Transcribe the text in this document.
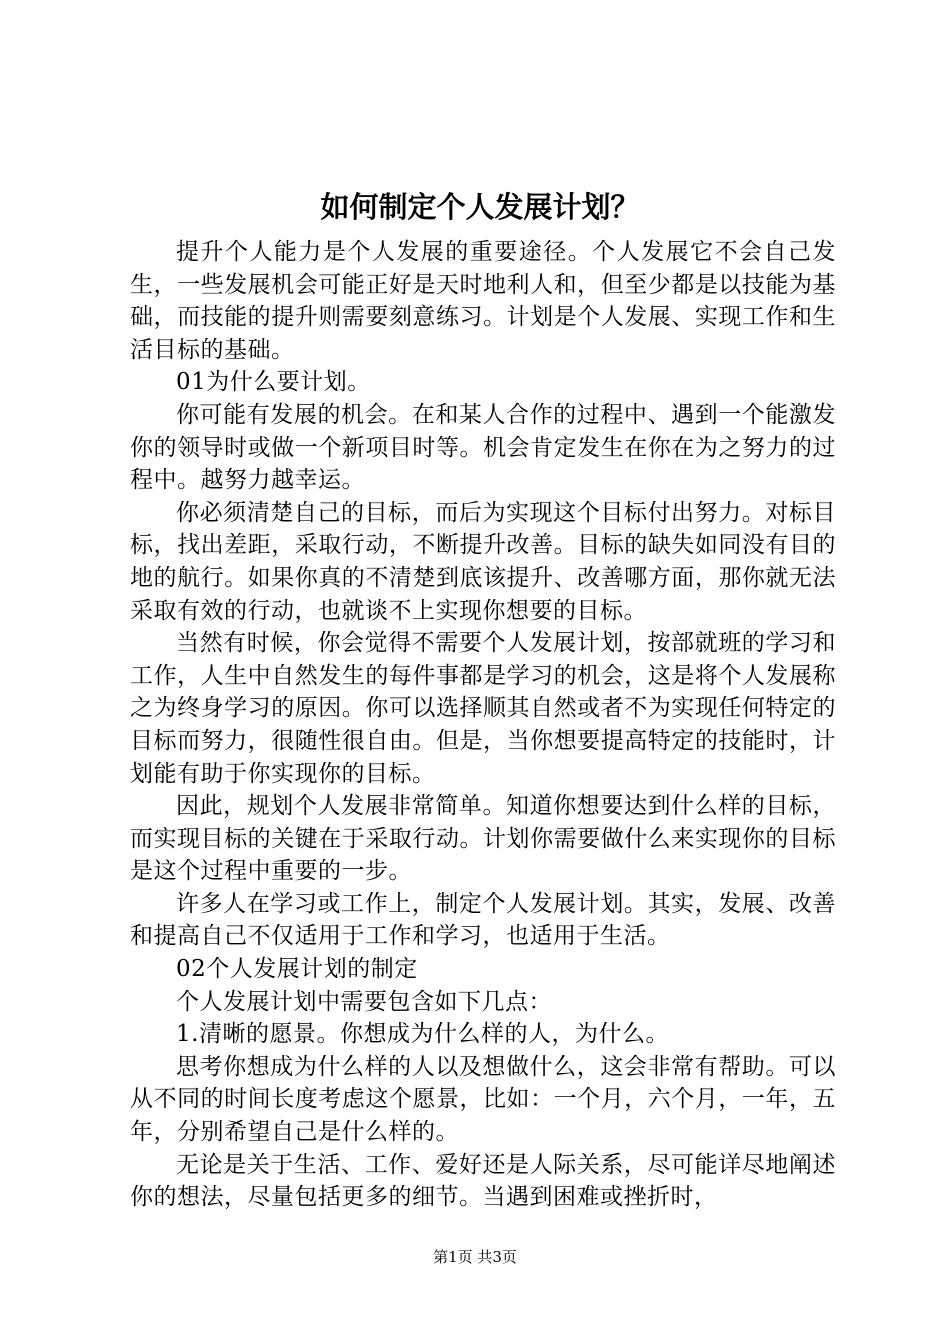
如何制定个人发展计划？

提升个人能力是个人发展的重要途径。个人发展它不会自己发生，一些发展机会可能正好是天时地利人和，但至少都是以技能为基础，而技能的提升则需要刻意练习。计划是个人发展、实现工作和生活目标的基础。

01为什么要计划。

你可能有发展的机会。在和某人合作的过程中、遇到一个能激发你的领导时或做一个新项目时等。机会肯定发生在你在为之努力的过程中。越努力越幸运。

你必须清楚自己的目标，而后为实现这个目标付出努力。对标目标，找出差距，采取行动，不断提升改善。目标的缺失如同没有目的地的航行。如果你真的不清楚到底该提升、改善哪方面，那你就无法采取有效的行动，也就谈不上实现你想要的目标。

当然有时候，你会觉得不需要个人发展计划，按部就班的学习和工作，人生中自然发生的每件事都是学习的机会，这是将个人发展称之为终身学习的原因。你可以选择顺其自然或者不为实现任何特定的目标而努力，很随性很自由。但是，当你想要提高特定的技能时，计划能有助于你实现你的目标。

因此，规划个人发展非常简单。知道你想要达到什么样的目标，而实现目标的关键在于采取行动。计划你需要做什么来实现你的目标是这个过程中重要的一步。

许多人在学习或工作上，制定个人发展计划。其实，发展、改善和提高自己不仅适用于工作和学习，也适用于生活。

02个人发展计划的制定

个人发展计划中需要包含如下几点：

1.清晰的愿景。你想成为什么样的人，为什么。

思考你想成为什么样的人以及想做什么，这会非常有帮助。可以从不同的时间长度考虑这个愿景，比如：一个月，六个月，一年，五年，分别希望自己是什么样的。

无论是关于生活、工作、爱好还是人际关系，尽可能详尽地阐述你的想法，尽量包括更多的细节。当遇到困难或挫折时，

第1页 共3页
